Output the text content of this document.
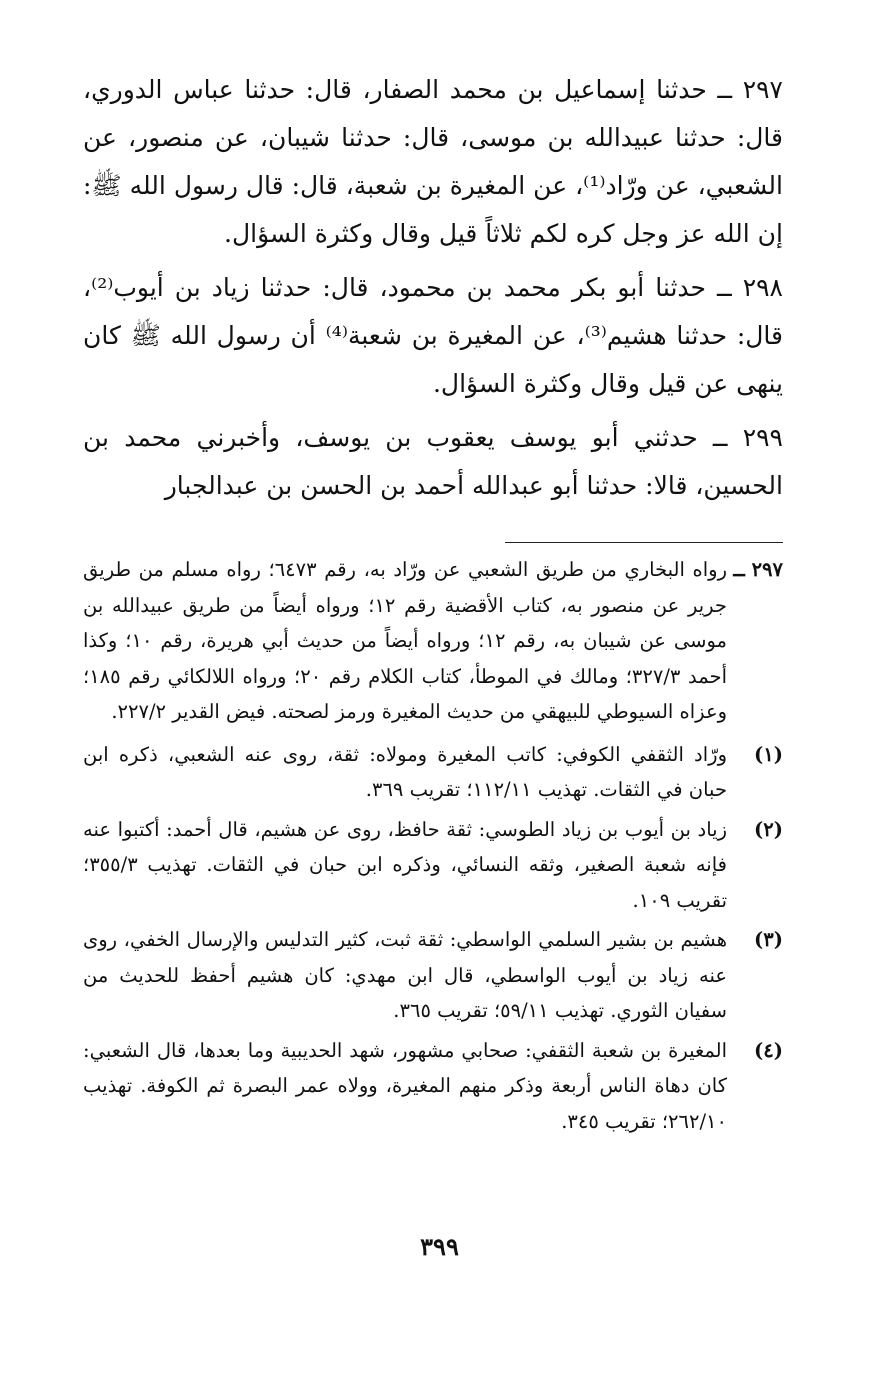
٢٩٧ ــ حدثنا إسماعيل بن محمد الصفار، قال: حدثنا عباس الدوري، قال: حدثنا عبيدالله بن موسى، قال: حدثنا شيبان، عن منصور، عن الشعبي، عن ورّاد⁽¹⁾، عن المغيرة بن شعبة، قال: قال رسول الله ﷺ: إن الله عز وجل كره لكم ثلاثاً قيل وقال وكثرة السؤال.

٢٩٨ ــ حدثنا أبو بكر محمد بن محمود، قال: حدثنا زياد بن أيوب⁽²⁾، قال: حدثنا هشيم⁽³⁾، عن المغيرة بن شعبة⁽⁴⁾ أن رسول الله ﷺ كان ينهى عن قيل وقال وكثرة السؤال.

٢٩٩ ــ حدثني أبو يوسف يعقوب بن يوسف، وأخبرني محمد بن الحسين، قالا: حدثنا أبو عبدالله أحمد بن الحسن بن عبدالجبار

٢٩٧ ــ
رواه البخاري من طريق الشعبي عن ورّاد به، رقم ٦٤٧٣؛ رواه مسلم من طريق جرير عن منصور به، كتاب الأقضية رقم ١٢؛ ورواه أيضاً من طريق عبيدالله بن موسى عن شيبان به، رقم ١٢؛ ورواه أيضاً من حديث أبي هريرة، رقم ١٠؛ وكذا أحمد ٣٢٧/٣؛ ومالك في الموطأ، كتاب الكلام رقم ٢٠؛ ورواه اللالكائي رقم ١٨٥؛ وعزاه السيوطي للبيهقي من حديث المغيرة ورمز لصحته. فيض القدير ٢٢٧/٢.
(١)
ورّاد الثقفي الكوفي: كاتب المغيرة ومولاه: ثقة، روى عنه الشعبي، ذكره ابن حبان في الثقات. تهذيب ١١٢/١١؛ تقريب ٣٦٩.
(٢)
زياد بن أيوب بن زياد الطوسي: ثقة حافظ، روى عن هشيم، قال أحمد: أكتبوا عنه فإنه شعبة الصغير، وثقه النسائي، وذكره ابن حبان في الثقات. تهذيب ٣٥٥/٣؛ تقريب ١٠٩.
(٣)
هشيم بن بشير السلمي الواسطي: ثقة ثبت، كثير التدليس والإرسال الخفي، روى عنه زياد بن أيوب الواسطي، قال ابن مهدي: كان هشيم أحفظ للحديث من سفيان الثوري. تهذيب ٥٩/١١؛ تقريب ٣٦٥.
(٤)
المغيرة بن شعبة الثقفي: صحابي مشهور، شهد الحديبية وما بعدها، قال الشعبي: كان دهاة الناس أربعة وذكر منهم المغيرة، وولاه عمر البصرة ثم الكوفة. تهذيب ٢٦٢/١٠؛ تقريب ٣٤٥.
٣٩٩
